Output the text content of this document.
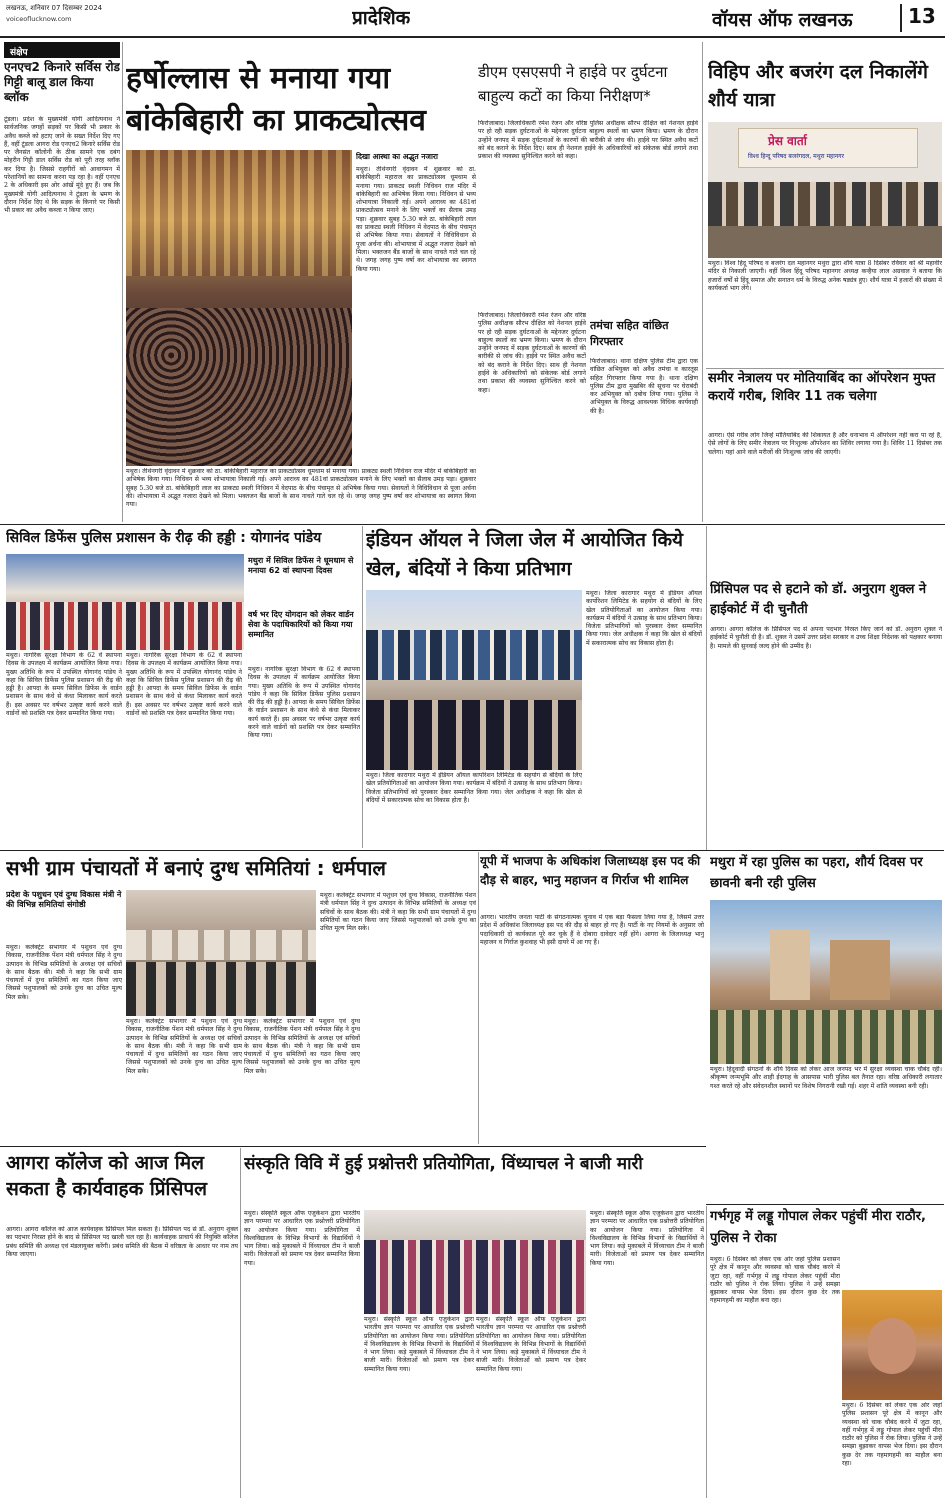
लखनऊ, शनिवार 07 दिसम्बर 2024
voiceoflucknow.com	प्रादेशिक	वॉयस ऑफ लखनऊ	13
संक्षेप
एनएच2 किनारे सर्विस रोड गिट्टी बालू डाल किया ब्लॉक
टूंडला। प्रदेश के मुख्यमंत्री योगी आदित्यनाथ ने सार्वजनिक जगहों सड़कों पर किसी भी प्रकार के अवैध कब्जे को हटाए जाने के सख्त निर्देश दिए गए हैं, वहीं टूंडला आगरा रोड एनएच2 किनारे सर्विस रोड पर जैनसंत कॉलोनी के ठीक सामने एक दबंग मोहरीन गिट्टी डाल सर्विस रोड को पूरी तरह ब्लॉक कर दिया है। जिससे राहगीरों को आवागमन में परेशानियों का सामना करना पड़ रहा है। वहीं एनएच 2 के अधिकारी इस ओर आंखें मूंदे हुए हैं। जब कि मुख्यमंत्री योगी आदित्यनाथ ने टूंडला के भ्रमण के दौरान निर्देश दिए थे कि सड़क के किनारे पर किसी भी प्रकार का अवैध कब्जा न किया जाए।
हर्षोल्लास से मनाया गया बांकेबिहारी का प्राकट्योत्सव
दिखा आस्था का अद्भुत नजारा
मथुरा। तीर्थनगरी वृंदावन में शुक्रवार को ठा. बांकेबिहारी महाराज का प्राकट्योत्सव धूमधाम से मनाया गया। प्राकट्य स्थली निधिवन राज मंदिर में बांकेबिहारी का अभिषेक किया गया। निधिवन से भव्य शोभायात्रा निकाली गई। अपने आराध्य का 481वां प्राकट्योत्सव मनाने के लिए भक्तों का सैलाब उमड़ पड़ा। शुक्रवार सुबह 5.30 बजे ठा. बांकेबिहारी लाल का प्राकट्य स्थली निधिवन में वेदपाठ के बीच पंचामृत से अभिषेक किया गया। सेवायतों ने विधिविधान से पूजा अर्चना की। शोभायात्रा में अद्भुत नजारा देखने को मिला। भक्तजन बैंड बाजों के साथ नाचते गाते चल रहे थे। जगह जगह पुष्प वर्षा कर शोभायात्रा का स्वागत किया गया।
मथुरा। तीर्थनगरी वृंदावन में शुक्रवार को ठा. बांकेबिहारी महाराज का प्राकट्योत्सव धूमधाम से मनाया गया। प्राकट्य स्थली निधिवन राज मंदिर में बांकेबिहारी का अभिषेक किया गया। निधिवन से भव्य शोभायात्रा निकाली गई। अपने आराध्य का 481वां प्राकट्योत्सव मनाने के लिए भक्तों का सैलाब उमड़ पड़ा। शुक्रवार सुबह 5.30 बजे ठा. बांकेबिहारी लाल का प्राकट्य स्थली निधिवन में वेदपाठ के बीच पंचामृत से अभिषेक किया गया। सेवायतों ने विधिविधान से पूजा अर्चना की। शोभायात्रा में अद्भुत नजारा देखने को मिला। भक्तजन बैंड बाजों के साथ नाचते गाते चल रहे थे। जगह जगह पुष्प वर्षा कर शोभायात्रा का स्वागत किया गया।
डीएम एसएसपी ने हाईवे पर दुर्घटना बाहुल्य कटों का किया निरीक्षण*
फिरोजाबाद। जिलाधिकारी रमेश रंजन और वरिष्ठ पुलिस अधीक्षक सौरभ दीक्षित को नेशनल हाईवे पर हो रही सड़क दुर्घटनाओं के मद्देनजर दुर्घटना बाहुल्य स्थलों का भ्रमण किया। भ्रमण के दौरान उन्होंने जनपद में सड़क दुर्घटनाओं के कारणों की बारीकी से जांच की। हाईवे पर स्थित अवैध कटों को बंद कराने के निर्देश दिए। साथ ही नेशनल हाईवे के अधिकारियों को संकेतक बोर्ड लगाने तथा प्रकाश की व्यवस्था सुनिश्चित करने को कहा।
तमंचा सहित वांछित गिरफ्तार
फिरोजाबाद। थाना दक्षिण पुलिस टीम द्वारा एक वांछित अभियुक्त को अवैध तमंचा व कारतूस सहित गिरफ्तार किया गया है। थाना दक्षिण पुलिस टीम द्वारा मुखबिर की सूचना पर घेराबंदी कर अभियुक्त को दबोच लिया गया। पुलिस ने अभियुक्त के विरुद्ध आवश्यक विधिक कार्यवाही की है।
फिरोजाबाद। जिलाधिकारी रमेश रंजन और वरिष्ठ पुलिस अधीक्षक सौरभ दीक्षित को नेशनल हाईवे पर हो रही सड़क दुर्घटनाओं के मद्देनजर दुर्घटना बाहुल्य स्थलों का भ्रमण किया। भ्रमण के दौरान उन्होंने जनपद में सड़क दुर्घटनाओं के कारणों की बारीकी से जांच की। हाईवे पर स्थित अवैध कटों को बंद कराने के निर्देश दिए। साथ ही नेशनल हाईवे के अधिकारियों को संकेतक बोर्ड लगाने तथा प्रकाश की व्यवस्था सुनिश्चित करने को कहा।
विहिप और बजरंग दल निकालेंगे शौर्य यात्रा
प्रेस वार्ता
विश्व हिन्दू परिषद बजरंगदल, मथुरा महानगर
मथुरा। विश्व हिंदू परिषद व बजरंग दल महानगर मथुरा द्वारा शौर्य यात्रा 8 दिसंबर रविवार को श्री महावीर मंदिर से निकाली जाएगी। वहीं विश्व हिंदू परिषद महानगर अध्यक्ष कन्हैया लाल अग्रवाल ने बताया कि हजारों वर्षों से हिंदू समाज और सनातन धर्म के विरुद्ध अनेक षड्यंत्र हुए। शौर्य यात्रा में हजारों की संख्या में कार्यकर्ता भाग लेंगे।
समीर नेत्रालय पर मोतियाबिंद का ऑपरेशन मुफ्त करायें गरीब, शिविर 11 तक चलेगा
आगरा। ऐसे गरीब लोग जिन्हें मोतियाबिंद की शिकायत है और धनाभाव में ऑपरेशन नहीं करा पा रहे हैं, ऐसे लोगों के लिए समीर नेत्रालय पर निःशुल्क ऑपरेशन का शिविर लगाया गया है। शिविर 11 दिसंबर तक चलेगा। यहां आने वाले मरीजों की निःशुल्क जांच की जाएगी।
सिविल डिफेंस पुलिस प्रशासन के रीढ़ की हड्डी : योगानंद पांडेय
मथुरा। नागरिक सुरक्षा विभाग के 62 वें स्थापना दिवस के उपलक्ष्य में कार्यक्रम आयोजित किया गया। मुख्य अतिथि के रूप में उपस्थित योगानंद पांडेय ने कहा कि सिविल डिफेंस पुलिस प्रशासन की रीढ़ की हड्डी है। आपदा के समय सिविल डिफेंस के वार्डन प्रशासन के साथ कंधे से कंधा मिलाकर कार्य करते हैं। इस अवसर पर वर्षभर उत्कृष्ट कार्य करने वाले वार्डनों को प्रशस्ति पत्र देकर सम्मानित किया गया।
मथुरा। नागरिक सुरक्षा विभाग के 62 वें स्थापना दिवस के उपलक्ष्य में कार्यक्रम आयोजित किया गया। मुख्य अतिथि के रूप में उपस्थित योगानंद पांडेय ने कहा कि सिविल डिफेंस पुलिस प्रशासन की रीढ़ की हड्डी है। आपदा के समय सिविल डिफेंस के वार्डन प्रशासन के साथ कंधे से कंधा मिलाकर कार्य करते हैं। इस अवसर पर वर्षभर उत्कृष्ट कार्य करने वाले वार्डनों को प्रशस्ति पत्र देकर सम्मानित किया गया।
मथुरा में सिविल डिफेंस ने धूमधाम से मनाया 62 वां स्थापना दिवस
वर्ष भर दिए योगदान को लेकर वार्डन सेवा के पदाधिकारियों को किया गया सम्मानित
मथुरा। नागरिक सुरक्षा विभाग के 62 वें स्थापना दिवस के उपलक्ष्य में कार्यक्रम आयोजित किया गया। मुख्य अतिथि के रूप में उपस्थित योगानंद पांडेय ने कहा कि सिविल डिफेंस पुलिस प्रशासन की रीढ़ की हड्डी है। आपदा के समय सिविल डिफेंस के वार्डन प्रशासन के साथ कंधे से कंधा मिलाकर कार्य करते हैं। इस अवसर पर वर्षभर उत्कृष्ट कार्य करने वाले वार्डनों को प्रशस्ति पत्र देकर सम्मानित किया गया।
इंडियन ऑयल ने जिला जेल में आयोजित किये खेल, बंदियों ने किया प्रतिभाग
मथुरा। जिला कारागार मथुरा में इंडियन ऑयल कार्पोरेशन लिमिटेड के सहयोग से बंदियों के लिए खेल प्रतियोगिताओं का आयोजन किया गया। कार्यक्रम में बंदियों ने उत्साह के साथ प्रतिभाग किया। विजेता प्रतिभागियों को पुरस्कार देकर सम्मानित किया गया। जेल अधीक्षक ने कहा कि खेल से बंदियों में सकारात्मक सोच का विकास होता है।
मथुरा। जिला कारागार मथुरा में इंडियन ऑयल कार्पोरेशन लिमिटेड के सहयोग से बंदियों के लिए खेल प्रतियोगिताओं का आयोजन किया गया। कार्यक्रम में बंदियों ने उत्साह के साथ प्रतिभाग किया। विजेता प्रतिभागियों को पुरस्कार देकर सम्मानित किया गया। जेल अधीक्षक ने कहा कि खेल से बंदियों में सकारात्मक सोच का विकास होता है।
प्रिंसिपल पद से हटाने को डॉ. अनुराग शुक्ल ने हाईकोर्ट में दी चुनौती
आगरा। आगरा कॉलेज के प्रिंसिपल पद से अपना पदभार निरस्त किए जाने को डॉ. अनुराग शुक्ल ने हाईकोर्ट में चुनौती दी है। डॉ. शुक्ल ने उसमें उत्तर प्रदेश सरकार व उच्च शिक्षा निदेशक को पक्षकार बनाया है। मामले की सुनवाई जल्द होने की उम्मीद है।
मथुरा में रहा पुलिस का पहरा, शौर्य दिवस पर छावनी बनी रही पुलिस
मथुरा। हिंदूवादी संगठनों के शौर्य दिवस को लेकर आज जनपद भर में सुरक्षा व्यवस्था चाक चौबंद रही। श्रीकृष्ण जन्मभूमि और शाही ईदगाह के आसपास भारी पुलिस बल तैनात रहा। वरिष्ठ अधिकारी लगातार गश्त करते रहे और संवेदनशील स्थानों पर विशेष निगरानी रखी गई। शहर में शांति व्यवस्था बनी रही।
सभी ग्राम पंचायतों में बनाएं दुग्ध समितियां : धर्मपाल
प्रदेश के पशुधन एवं दुग्ध विकास मंत्री ने की विभिन्न समितियां संगोष्ठी
मथुरा। कलेक्ट्रेट सभागार में पशुधन एवं दुग्ध विकास, राजनीतिक पेंशन मंत्री धर्मपाल सिंह ने दुग्ध उत्पादन के विभिन्न समितियों के अध्यक्ष एवं सचिवों के साथ बैठक की। मंत्री ने कहा कि सभी ग्राम पंचायतों में दुग्ध समितियों का गठन किया जाए जिससे पशुपालकों को उनके दुग्ध का उचित मूल्य मिल सके।
मथुरा। कलेक्ट्रेट सभागार में पशुधन एवं दुग्ध विकास, राजनीतिक पेंशन मंत्री धर्मपाल सिंह ने दुग्ध उत्पादन के विभिन्न समितियों के अध्यक्ष एवं सचिवों के साथ बैठक की। मंत्री ने कहा कि सभी ग्राम पंचायतों में दुग्ध समितियों का गठन किया जाए जिससे पशुपालकों को उनके दुग्ध का उचित मूल्य मिल सके।
मथुरा। कलेक्ट्रेट सभागार में पशुधन एवं दुग्ध विकास, राजनीतिक पेंशन मंत्री धर्मपाल सिंह ने दुग्ध उत्पादन के विभिन्न समितियों के अध्यक्ष एवं सचिवों के साथ बैठक की। मंत्री ने कहा कि सभी ग्राम पंचायतों में दुग्ध समितियों का गठन किया जाए जिससे पशुपालकों को उनके दुग्ध का उचित मूल्य मिल सके।
मथुरा। कलेक्ट्रेट सभागार में पशुधन एवं दुग्ध विकास, राजनीतिक पेंशन मंत्री धर्मपाल सिंह ने दुग्ध उत्पादन के विभिन्न समितियों के अध्यक्ष एवं सचिवों के साथ बैठक की। मंत्री ने कहा कि सभी ग्राम पंचायतों में दुग्ध समितियों का गठन किया जाए जिससे पशुपालकों को उनके दुग्ध का उचित मूल्य मिल सके।
यूपी में भाजपा के अधिकांश जिलाध्यक्ष इस पद की दौड़ से बाहर, भानु महाजन व गिर्राज भी शामिल
आगरा। भारतीय जनता पार्टी के संगठनात्मक चुनाव में एक बड़ा फैसला लिया गया है, जिसमें उत्तर प्रदेश में अधिकांश जिलाध्यक्ष इस पद की दौड़ से बाहर हो गए हैं। पार्टी के नए नियमों के अनुसार जो पदाधिकारी दो कार्यकाल पूरे कर चुके हैं वे दोबारा दावेदार नहीं होंगे। आगरा के जिलाध्यक्ष भानु महाजन व गिर्राज कुशवाह भी इसी दायरे में आ गए हैं।
आगरा कॉलेज को आज मिल सकता है कार्यवाहक प्रिंसिपल
आगरा। आगरा कॉलेज को आज कार्यवाहक प्रिंसिपल मिल सकता है। प्रिंसिपल पद से डॉ. अनुराग शुक्ल का पदभार निरस्त होने के बाद से प्रिंसिपल पद खाली चल रहा है। कार्यवाहक प्राचार्य की नियुक्ति कॉलेज प्रबंध समिति की अध्यक्ष एवं मंडलायुक्त करेंगी। प्रबंध समिति की बैठक में वरिष्ठता के आधार पर नाम तय किया जाएगा।
संस्कृति विवि में हुई प्रश्नोत्तरी प्रतियोगिता, विंध्याचल ने बाजी मारी
मथुरा। संस्कृति स्कूल ऑफ एजुकेशन द्वारा भारतीय ज्ञान परम्परा पर आधारित एक प्रश्नोत्तरी प्रतियोगिता का आयोजन किया गया। प्रतियोगिता में विश्वविद्यालय के विभिन्न विभागों के विद्यार्थियों ने भाग लिया। कड़े मुकाबले में विंध्याचल टीम ने बाजी मारी। विजेताओं को प्रमाण पत्र देकर सम्मानित किया गया।
मथुरा। संस्कृति स्कूल ऑफ एजुकेशन द्वारा भारतीय ज्ञान परम्परा पर आधारित एक प्रश्नोत्तरी प्रतियोगिता का आयोजन किया गया। प्रतियोगिता में विश्वविद्यालय के विभिन्न विभागों के विद्यार्थियों ने भाग लिया। कड़े मुकाबले में विंध्याचल टीम ने बाजी मारी। विजेताओं को प्रमाण पत्र देकर सम्मानित किया गया।
मथुरा। संस्कृति स्कूल ऑफ एजुकेशन द्वारा भारतीय ज्ञान परम्परा पर आधारित एक प्रश्नोत्तरी प्रतियोगिता का आयोजन किया गया। प्रतियोगिता में विश्वविद्यालय के विभिन्न विभागों के विद्यार्थियों ने भाग लिया। कड़े मुकाबले में विंध्याचल टीम ने बाजी मारी। विजेताओं को प्रमाण पत्र देकर सम्मानित किया गया।
मथुरा। संस्कृति स्कूल ऑफ एजुकेशन द्वारा भारतीय ज्ञान परम्परा पर आधारित एक प्रश्नोत्तरी प्रतियोगिता का आयोजन किया गया। प्रतियोगिता में विश्वविद्यालय के विभिन्न विभागों के विद्यार्थियों ने भाग लिया। कड़े मुकाबले में विंध्याचल टीम ने बाजी मारी। विजेताओं को प्रमाण पत्र देकर सम्मानित किया गया।
गर्भगृह में लड्डू गोपाल लेकर पहुंचीं मीरा राठौर, पुलिस ने रोका
मथुरा। 6 दिसंबर को लेकर एक ओर जहां पुलिस प्रशासन पूरे क्षेत्र में कानून और व्यवस्था को चाक चौबंद करने में जुटा रहा, वहीं गर्भगृह में लड्डू गोपाल लेकर पहुंचीं मीरा राठौर को पुलिस ने रोक लिया। पुलिस ने उन्हें समझा बुझाकर वापस भेज दिया। इस दौरान कुछ देर तक गहमागहमी का माहौल बना रहा।
मथुरा। 6 दिसंबर को लेकर एक ओर जहां पुलिस प्रशासन पूरे क्षेत्र में कानून और व्यवस्था को चाक चौबंद करने में जुटा रहा, वहीं गर्भगृह में लड्डू गोपाल लेकर पहुंचीं मीरा राठौर को पुलिस ने रोक लिया। पुलिस ने उन्हें समझा बुझाकर वापस भेज दिया। इस दौरान कुछ देर तक गहमागहमी का माहौल बना रहा।
